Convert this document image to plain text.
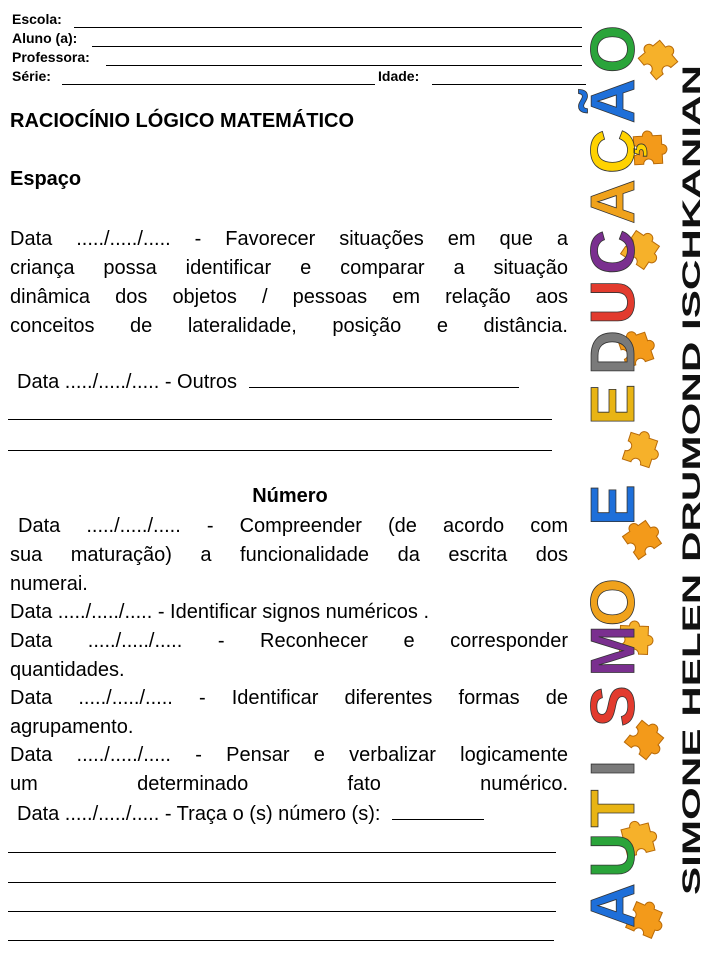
Escola:
Aluno (a):
Professora:
Série:	Idade:
RACIOCÍNIO LÓGICO MATEMÁTICO
Espaço
Data ...../...../..... - Favorecer situações em que a
criança possa identificar e comparar a situação
dinâmica dos objetos / pessoas em relação aos
conceitos de lateralidade, posição e distância.
Data ...../...../..... - Outros
Número
Data ...../...../..... - Compreender (de acordo com
sua maturação) a funcionalidade da escrita dos
numerai.
Data ...../...../..... - Identificar signos numéricos .
Data ...../...../..... - Reconhecer e corresponder
quantidades.
Data ...../...../..... - Identificar diferentes formas de
agrupamento.
Data ...../...../..... - Pensar e verbalizar logicamente
um determinado fato numérico.
Data ...../...../..... - Traça o (s) número (s):
A
U
T
I
S
M
O
E
E
D
U
C
A
Ç
Ã
O
SIMONE HELEN DRUMOND ISCHKANIAN
